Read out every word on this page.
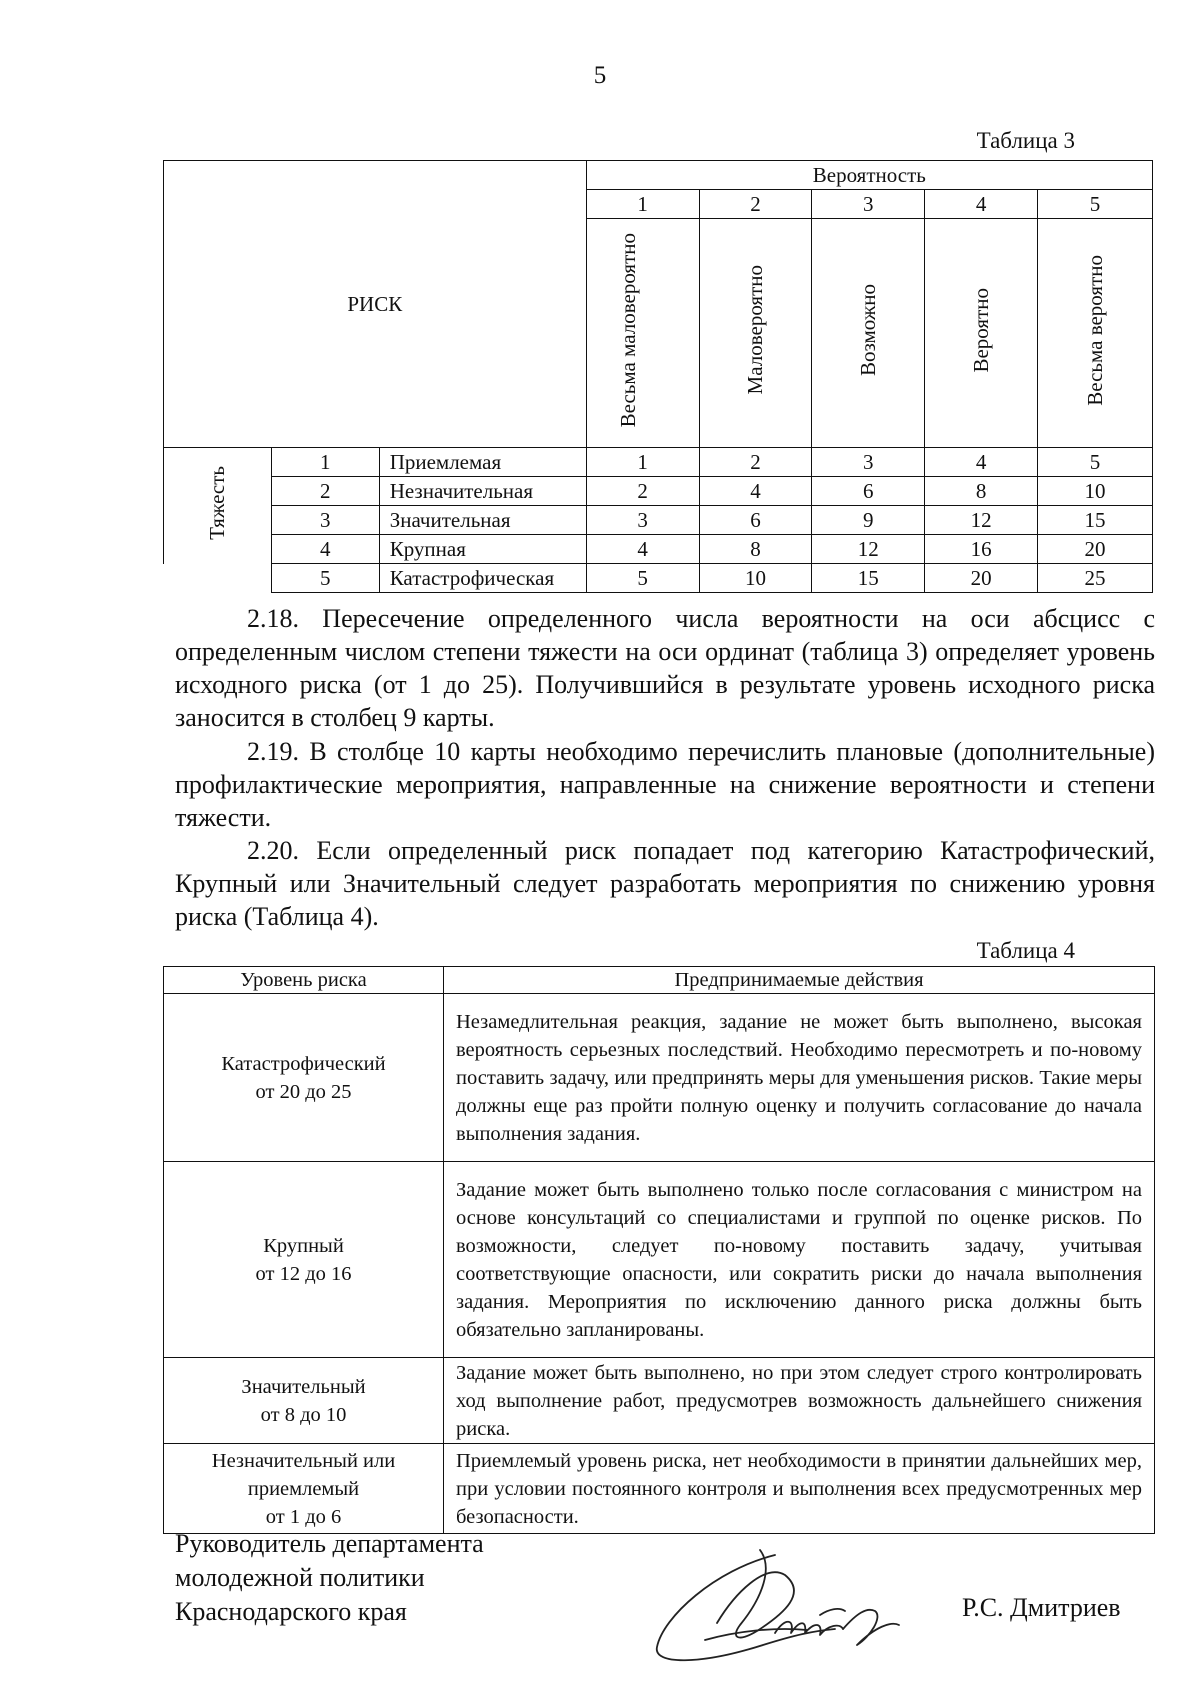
5
Таблица 3
РИСК			Вероятность				
			1	2	3	4	5
			Весьма маловероятно	Маловероятно	Возможно	Вероятно	Весьма вероятно
Тяжесть	1	Приемлемая	1	2	3	4	5
	2	Незначительная	2	4	6	8	10
	3	Значительная	3	6	9	12	15
	4	Крупная	4	8	12	16	20
	5	Катастрофическая	5	10	15	20	25
2.18. Пересечение определенного числа вероятности на оси абсцисс с определенным числом степени тяжести на оси ординат (таблица 3) определяет уровень исходного риска (от 1 до 25). Получившийся в результате уровень исходного риска заносится в столбец 9 карты.
2.19. В столбце 10 карты необходимо перечислить плановые (дополнительные) профилактические мероприятия, направленные на снижение вероятности и степени тяжести.
2.20. Если определенный риск попадает под категорию Катастрофический, Крупный или Значительный следует разработать мероприятия по снижению уровня риска (Таблица 4).
Таблица 4
Уровень риска	Предпринимаемые действия

Катастрофический
от 20 до 25	Незамедлительная реакция, задание не может быть выполнено, высокая вероятность серьезных последствий. Необходимо пересмотреть и по-новому поставить задачу, или предпринять меры для уменьшения рисков. Такие меры должны еще раз пройти полную оценку и получить согласование до начала выполнения задания.

Крупный
от 12 до 16	Задание может быть выполнено только после согласования с министром на основе консультаций со специалистами и группой по оценке рисков. По возможности, следует по-новому поставить задачу, учитывая соответствующие опасности, или сократить риски до начала выполнения задания. Мероприятия по исключению данного риска должны быть обязательно запланированы.

Значительный
от 8 до 10	Задание может быть выполнено, но при этом следует строго контролировать ход выполнение работ, предусмотрев возможность дальнейшего снижения риска.

Незначительный или приемлемый
от 1 до 6	Приемлемый уровень риска, нет необходимости в принятии дальнейших мер, при условии постоянного контроля и выполнения всех предусмотренных мер безопасности.
Руководитель департамента
молодежной политики
Краснодарского края	Р.С. Дмитриев
